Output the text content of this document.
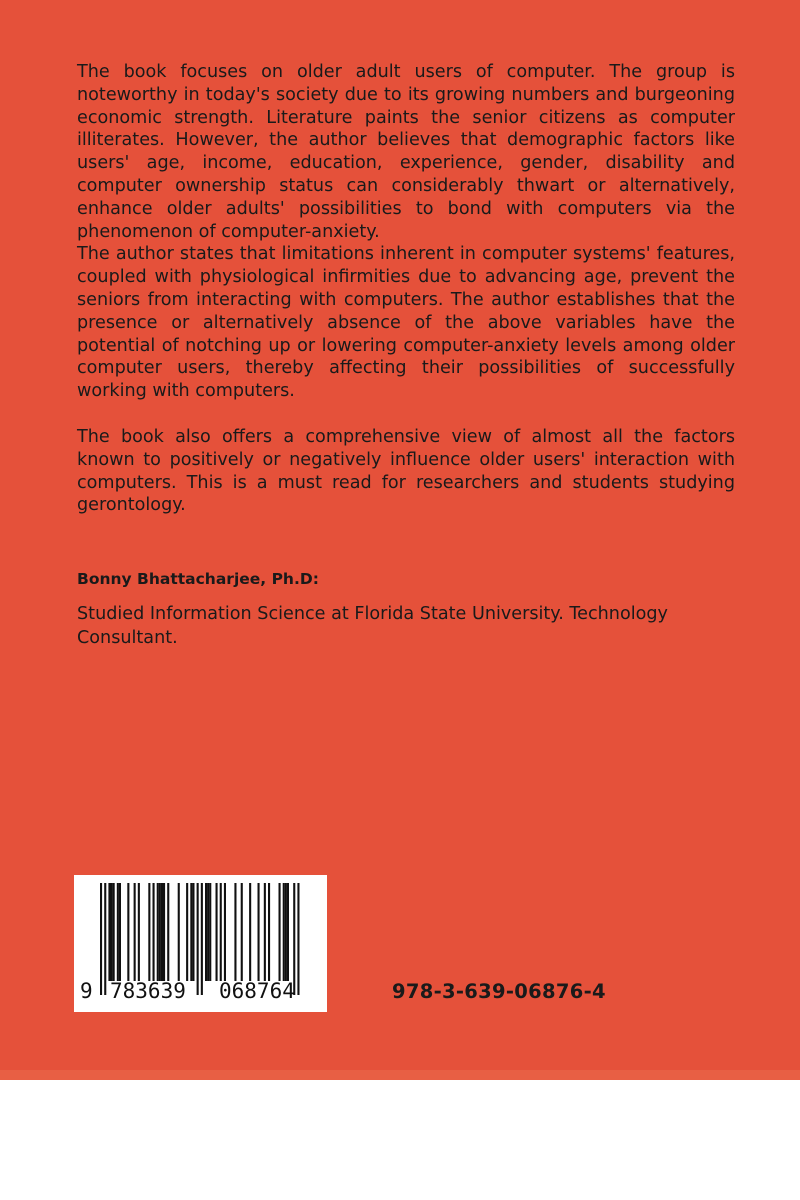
The book focuses on older adult users of computer. The group is noteworthy in today's society due to its growing numbers and burgeoning economic strength. Literature paints the senior citizens as computer illiterates. However, the author believes that demographic factors like users' age, income, education, experience, gender, disability and computer ownership status can considerably thwart or alternatively, enhance older adults' possibilities to bond with computers via the phenomenon of computer-anxiety.

The author states that limitations inherent in computer systems' features, coupled with physiological infirmities due to advancing age, prevent the seniors from interacting with computers. The author establishes that the presence or alternatively absence of the above variables have the potential of notching up or lowering computer-anxiety levels among older computer users, thereby affecting their possibilities of successfully working with computers.

The book also offers a comprehensive view of almost all the factors known to positively or negatively influence older users' interaction with computers. This is a must read for researchers and students studying gerontology.

Bonny Bhattacharjee, Ph.D:

Studied Information Science at Florida State University. Technology Consultant.

9 783639 068764	978-3-639-06876-4
